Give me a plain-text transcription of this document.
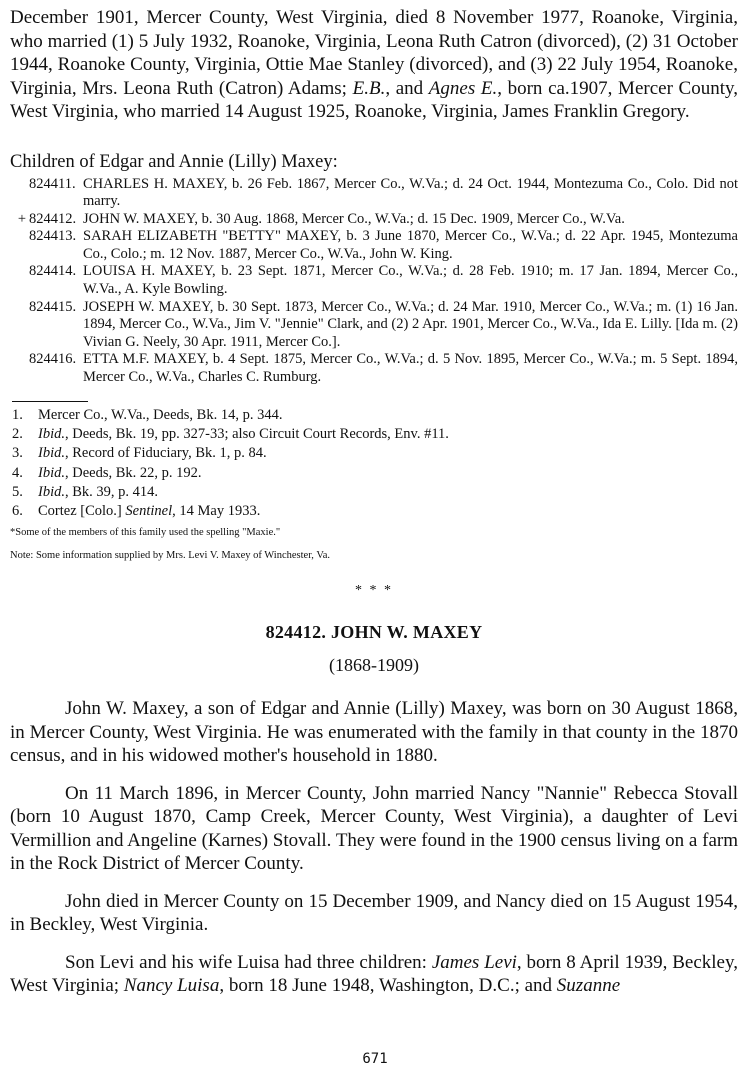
December 1901, Mercer County, West Virginia, died 8 November 1977, Roanoke, Virginia, who married (1) 5 July 1932, Roanoke, Virginia, Leona Ruth Catron (divorced), (2) 31 October 1944, Roanoke County, Virginia, Ottie Mae Stanley (divorced), and (3) 22 July 1954, Roanoke, Virginia, Mrs. Leona Ruth (Catron) Adams; E.B., and Agnes E., born ca.1907, Mercer County, West Virginia, who married 14 August 1925, Roanoke, Virginia, James Franklin Gregory.

Children of Edgar and Annie (Lilly) Maxey:
824411. CHARLES H. MAXEY, b. 26 Feb. 1867, Mercer Co., W.Va.; d. 24 Oct. 1944, Montezuma Co., Colo. Did not marry.
+ 824412. JOHN W. MAXEY, b. 30 Aug. 1868, Mercer Co., W.Va.; d. 15 Dec. 1909, Mercer Co., W.Va.
824413. SARAH ELIZABETH "BETTY" MAXEY, b. 3 June 1870, Mercer Co., W.Va.; d. 22 Apr. 1945, Montezuma Co., Colo.; m. 12 Nov. 1887, Mercer Co., W.Va., John W. King.
824414. LOUISA H. MAXEY, b. 23 Sept. 1871, Mercer Co., W.Va.; d. 28 Feb. 1910; m. 17 Jan. 1894, Mercer Co., W.Va., A. Kyle Bowling.
824415. JOSEPH W. MAXEY, b. 30 Sept. 1873, Mercer Co., W.Va.; d. 24 Mar. 1910, Mercer Co., W.Va.; m. (1) 16 Jan. 1894, Mercer Co., W.Va., Jim V. "Jennie" Clark, and (2) 2 Apr. 1901, Mercer Co., W.Va., Ida E. Lilly. [Ida m. (2) Vivian G. Neely, 30 Apr. 1911, Mercer Co.].
824416. ETTA M.F. MAXEY, b. 4 Sept. 1875, Mercer Co., W.Va.; d. 5 Nov. 1895, Mercer Co., W.Va.; m. 5 Sept. 1894, Mercer Co., W.Va., Charles C. Rumburg.
1.	Mercer Co., W.Va., Deeds, Bk. 14, p. 344.
2.	Ibid., Deeds, Bk. 19, pp. 327-33; also Circuit Court Records, Env. #11.
3.	Ibid., Record of Fiduciary, Bk. 1, p. 84.
4.	Ibid., Deeds, Bk. 22, p. 192.
5.	Ibid., Bk. 39, p. 414.
6.	Cortez [Colo.] Sentinel, 14 May 1933.
*Some of the members of this family used the spelling "Maxie."
Note: Some information supplied by Mrs. Levi V. Maxey of Winchester, Va.
* * *
824412. JOHN W. MAXEY
(1868-1909)

John W. Maxey, a son of Edgar and Annie (Lilly) Maxey, was born on 30 August 1868, in Mercer County, West Virginia. He was enumerated with the family in that county in the 1870 census, and in his widowed mother's household in 1880.

On 11 March 1896, in Mercer County, John married Nancy "Nannie" Rebecca Stovall (born 10 August 1870, Camp Creek, Mercer County, West Virginia), a daughter of Levi Vermillion and Angeline (Karnes) Stovall. They were found in the 1900 census living on a farm in the Rock District of Mercer County.

John died in Mercer County on 15 December 1909, and Nancy died on 15 August 1954, in Beckley, West Virginia.

Son Levi and his wife Luisa had three children: James Levi, born 8 April 1939, Beckley, West Virginia; Nancy Luisa, born 18 June 1948, Washington, D.C.; and Suzanne

671
